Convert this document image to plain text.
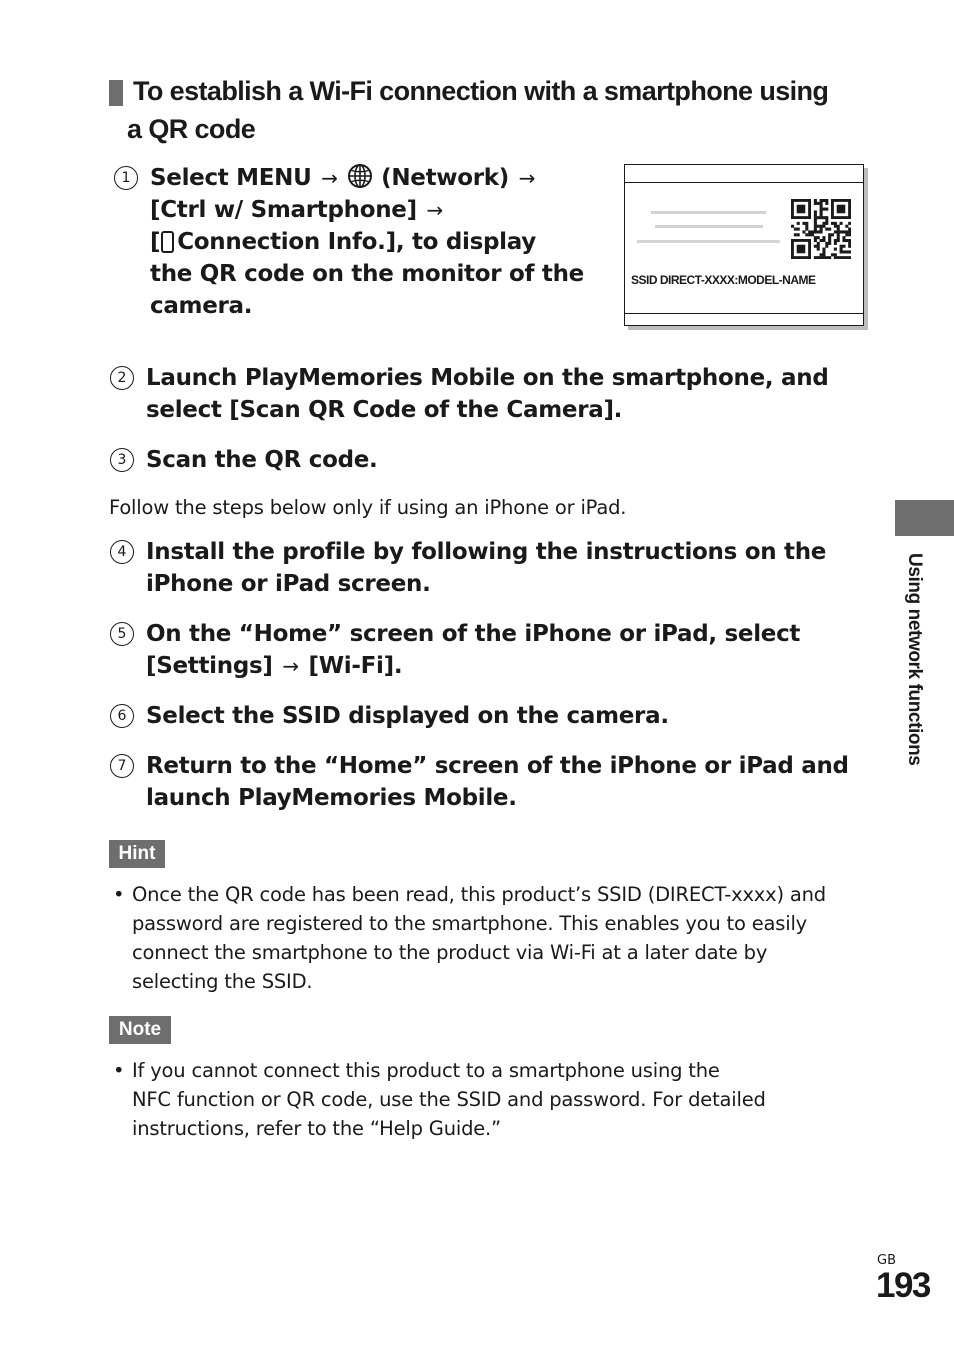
To establish a Wi-Fi connection with a smartphone using
a QR code
1 Select MENU → (Network) →
[Ctrl w/ Smartphone] →
[ Connection Info.], to display
the QR code on the monitor of the
camera.
SSID DIRECT-XXXX:MODEL-NAME
2 Launch PlayMemories Mobile on the smartphone, and
select [Scan QR Code of the Camera].
3 Scan the QR code.
Follow the steps below only if using an iPhone or iPad.
4 Install the profile by following the instructions on the
iPhone or iPad screen.
5 On the “Home” screen of the iPhone or iPad, select
[Settings] → [Wi-Fi].
6 Select the SSID displayed on the camera.
7 Return to the “Home” screen of the iPhone or iPad and
launch PlayMemories Mobile.
Hint
• Once the QR code has been read, this product’s SSID (DIRECT-xxxx) and
password are registered to the smartphone. This enables you to easily
connect the smartphone to the product via Wi-Fi at a later date by
selecting the SSID.
Note
• If you cannot connect this product to a smartphone using the
NFC function or QR code, use the SSID and password. For detailed
instructions, refer to the “Help Guide.”
Using network functions
GB
193
